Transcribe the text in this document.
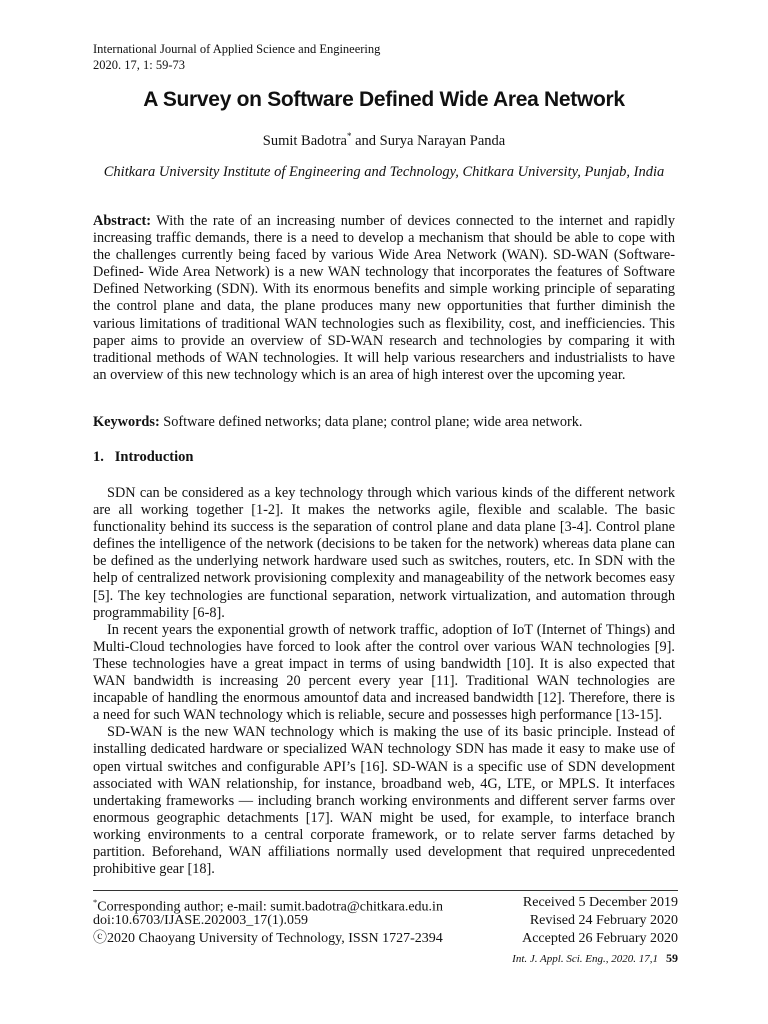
International Journal of Applied Science and Engineering
2020. 17, 1: 59-73
A Survey on Software Defined Wide Area Network
Sumit Badotra* and Surya Narayan Panda
Chitkara University Institute of Engineering and Technology, Chitkara University, Punjab, India
Abstract: With the rate of an increasing number of devices connected to the internet and rapidly increasing traffic demands, there is a need to develop a mechanism that should be able to cope with the challenges currently being faced by various Wide Area Network (WAN). SD-WAN (Software-Defined- Wide Area Network) is a new WAN technology that incorporates the features of Software Defined Networking (SDN). With its enormous benefits and simple working principle of separating the control plane and data, the plane produces many new opportunities that further diminish the various limitations of traditional WAN technologies such as flexibility, cost, and inefficiencies. This paper aims to provide an overview of SD-WAN research and technologies by comparing it with traditional methods of WAN technologies. It will help various researchers and industrialists to have an overview of this new technology which is an area of high interest over the upcoming year.
Keywords: Software defined networks; data plane; control plane; wide area network.
1.   Introduction

SDN can be considered as a key technology through which various kinds of the different network are all working together [1-2]. It makes the networks agile, flexible and scalable. The basic functionality behind its success is the separation of control plane and data plane [3-4]. Control plane defines the intelligence of the network (decisions to be taken for the network) whereas data plane can be defined as the underlying network hardware used such as switches, routers, etc. In SDN with the help of centralized network provisioning complexity and manageability of the network becomes easy [5]. The key technologies are functional separation, network virtualization, and automation through programmability [6-8].

In recent years the exponential growth of network traffic, adoption of IoT (Internet of Things) and Multi-Cloud technologies have forced to look after the control over various WAN technologies [9]. These technologies have a great impact in terms of using bandwidth [10]. It is also expected that WAN bandwidth is increasing 20 percent every year [11]. Traditional WAN technologies are incapable of handling the enormous amountof data and increased bandwidth [12]. Therefore, there is a need for such WAN technology which is reliable, secure and possesses high performance [13-15].

SD-WAN is the new WAN technology which is making the use of its basic principle. Instead of installing dedicated hardware or specialized WAN technology SDN has made it easy to make use of open virtual switches and configurable API’s [16]. SD-WAN is a specific use of SDN development associated with WAN relationship, for instance, broadband web, 4G, LTE, or MPLS. It interfaces undertaking frameworks — including branch working environments and different server farms over enormous geographic detachments [17]. WAN might be used, for example, to interface branch working environments to a central corporate framework, or to relate server farms detached by partition. Beforehand, WAN affiliations normally used development that required unprecedented prohibitive gear [18].

*Corresponding author; e-mail: sumit.badotra@chitkara.edu.in	Received 5 December 2019
doi:10.6703/IJASE.202003_17(1).059	Revised 24 February 2020
ⓒ2020 Chaoyang University of Technology, ISSN 1727-2394	Accepted 26 February 2020
Int. J. Appl. Sci. Eng., 2020. 17,1 59
